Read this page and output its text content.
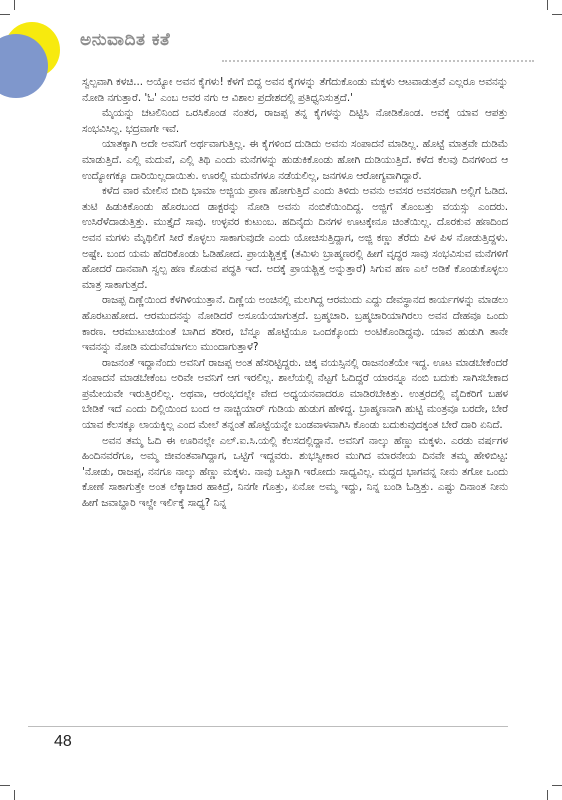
ಅನುವಾದಿತ ಕತೆ

ಸ್ವಲ್ಪವಾಗಿ ಕಳಚಿ... ಅಯ್ಯೋ ಅವನ ಕೈಗಳು! ಕೆಳಗೆ ಬಿದ್ದ ಅವನ ಕೈಗಳನ್ನು ತೆಗೆದುಕೊಂಡು ಮಕ್ಕಳು ಆಟವಾಡುತ್ತವೆ ಎಲ್ಲರೂ ಅವನನ್ನು ನೋಡಿ ನಗುತ್ತಾರೆ. 'ಓ' ಎಂಬ ಅವರ ನಗು ಆ ವಿಶಾಲ ಪ್ರದೇಶದಲ್ಲಿ ಪ್ರತಿಧ್ವನಿಸುತ್ತದೆ.'

ಮೈಯನ್ನು ಚಟಲಿನಿಂದ ಒರಸಿಕೊಂಡ ನಂತರ, ರಾಜಪ್ಪ ತನ್ನ ಕೈಗಳನ್ನು ದಿಟ್ಟಿಸಿ ನೋಡಿಕೊಂಡ. ಅವಕ್ಕೆ ಯಾವ ಆಪತ್ತು ಸಂಭವಿಸಿಲ್ಲ. ಭದ್ರವಾಗೇ ಇವೆ.

ಯಾತಕ್ಕಾಗಿ ಅದೇ ಅವನಿಗೆ ಅರ್ಥವಾಗುತ್ತಿಲ್ಲ. ಈ ಕೈಗಳಿಂದ ದುಡಿದು ಅವನು ಸಂಪಾದನೆ ಮಾಡಿಲ್ಲ. ಹೊಟ್ಟೆ ಮಾತ್ರವೇ ದುಡಿಮೆ ಮಾಡುತ್ತಿದೆ. ಎಲ್ಲಿ ಮದುವೆ, ಎಲ್ಲಿ ತಿಥಿ ಎಂದು ಮನೆಗಳನ್ನು ಹುಡುಕಿಕೊಂಡು ಹೋಗಿ ದುಡಿಯುತ್ತಿದೆ. ಕಳೆದ ಕೆಲವು ದಿನಗಳಿಂದ ಆ ಉದ್ಯೋಗಕ್ಕೂ ದಾರಿಯಿಲ್ಲದಾಯಿತು. ಊರಲ್ಲಿ ಮದುವೆಗಳೂ ನಡೆಯಲಿಲ್ಲ, ಜನಗಳೂ ಆರೋಗ್ಯವಾಗಿದ್ದಾರೆ.

ಕಳೆದ ವಾರ ಮೇಲಿನ ಬೀದಿ ಭಾಮಾ ಅಜ್ಜಿಯ ಪ್ರಾಣ ಹೋಗುತ್ತಿದೆ ಎಂದು ತಿಳಿದು ಅವನು ಅವಸರ ಅವಸರವಾಗಿ ಅಲ್ಲಿಗೆ ಓಡಿದ. ತುಟಿ ಹಿಡುಕಿಕೊಂಡು ಹೊರಬಂದ ಡಾಕ್ಟರನ್ನು ನೋಡಿ ಅವನು ನಂಬಿಕೆಯಿಂದಿದ್ದ. ಅಜ್ಜಿಗೆ ತೊಂಬತ್ತು ವಯಸ್ಸು ಎಂದರು. ಉಸಿರೆಳೆದಾಡುತ್ತಿತ್ತು. ಮುತ್ತೈದೆ ಸಾವು. ಉಳ್ಳವರ ಕುಟುಂಬ. ಹದಿನೈದು ದಿನಗಳ ಊಟಕ್ಕೇನೂ ಚಿಂತೆಯಿಲ್ಲ. ದೊರಕುವ ಹಣದಿಂದ ಅವನ ಮಗಳು ಮೈಥಿಲಿಗೆ ಸೀರೆ ಕೊಳ್ಳಲು ಸಾಕಾಗುವುದೇ ಎಂದು ಯೋಚಿಸುತ್ತಿದ್ದಾಗ, ಅಜ್ಜಿ ಕಣ್ಣು ತೆರೆದು ಪಿಳ ಪಿಳ ನೋಡುತ್ತಿದ್ದಳು. ಅಷ್ಟೇ. ಬಂದ ಯಮ ಹೆದರಿಕೊಂಡು ಓಡಿಹೋದ. ಪ್ರಾಯಶ್ಚಿತ್ತಕ್ಕೆ (ತಮಿಳು ಬ್ರಾಹ್ಮಣರಲ್ಲಿ ಹೀಗೆ ವೃದ್ಧರ ಸಾವು ಸಂಭವಿಸುವ ಮನೆಗಳಿಗೆ ಹೋದರೆ ದಾನವಾಗಿ ಸ್ವಲ್ಪ ಹಣ ಕೊಡುವ ಪದ್ಧತಿ ಇದೆ. ಅದಕ್ಕೆ ಪ್ರಾಯಶ್ಚಿತ್ತ ಅನ್ನುತ್ತಾರೆ) ಸಿಗುವ ಹಣ ಎಲೆ ಅಡಿಕೆ ಕೊಂಡುಕೊಳ್ಳಲು ಮಾತ್ರ ಸಾಕಾಗುತ್ತದೆ.

ರಾಜಪ್ಪ ದಿಣ್ಣೆಯಿಂದ ಕೆಳಗಿಳಿಯುತ್ತಾನೆ. ದಿಣ್ಣೆಯ ಅಂಚಿನಲ್ಲಿ ಮಲಗಿದ್ದ ಆರಮುದು ಎದ್ದು ದೇವಸ್ಥಾನದ ಕಾರ್ಯಗಳನ್ನು ಮಾಡಲು ಹೊರಟುಹೋದ. ಆರಮುದನನ್ನು ನೋಡಿದರೆ ಅಸೂಯೆಯಾಗುತ್ತದೆ. ಬ್ರಹ್ಮಚಾರಿ. ಬ್ರಹ್ಮಚಾರಿಯಾಗಿರಲು ಅವನ ದೇಹವೂ ಒಂದು ಕಾರಣ. ಆರಮುಟುಚಿಯಂತೆ ಬಾಗಿದ ಶರೀರ, ಬೆನ್ನೂ ಹೊಟ್ಟೆಯೂ ಒಂದಕ್ಕೊಂದು ಅಂಟಿಕೊಂಡಿದ್ದವು. ಯಾವ ಹುಡುಗಿ ತಾನೇ ಇವನನ್ನು ನೋಡಿ ಮದುವೆಯಾಗಲು ಮುಂದಾಗುತ್ತಾಳೆ?

ರಾಜನಂತೆ ಇದ್ದಾನೆಂದು ಅವನಿಗೆ ರಾಜಪ್ಪ ಅಂತ ಹೆಸರಿಟ್ಟಿದ್ದರು. ಚಿಕ್ಕ ವಯಸ್ಸಿನಲ್ಲಿ ರಾಜನಂತೆಯೇ ಇದ್ದ. ಊಟ ಮಾಡಬೇಕೆಂದರೆ ಸಂಪಾದನೆ ಮಾಡಬೇಕೆಂಬ ಅರಿವೇ ಅವನಿಗೆ ಆಗ ಇರಲಿಲ್ಲ. ಶಾಲೆಯಲ್ಲಿ ನೆಟ್ಟಗೆ ಓದಿದ್ದರೆ ಯಾರನ್ನೂ ನಂಬಿ ಬದುಕು ಸಾಗಿಸಬೇಕಾದ ಪ್ರಮೇಯವೇ ಇರುತ್ತಿರಲಿಲ್ಲ. ಅಥವಾ, ಆರಂಭದಲ್ಲೇ ವೇದ ಅಧ್ಯಯನವಾದರೂ ಮಾಡಿರಬೇಕಿತ್ತು. ಉತ್ತರದಲ್ಲಿ ವೈದಿಕರಿಗೆ ಬಹಳ ಬೇಡಿಕೆ ಇದೆ ಎಂದು ದಿಲ್ಲಿಯಿಂದ ಬಂದ ಆ ನಾಚ್ಚಿಯಾರ್ ಗುಡಿಯ ಹುಡುಗ ಹೇಳಿದ್ದ. ಬ್ರಾಹ್ಮಣನಾಗಿ ಹುಟ್ಟಿ ಮಂತ್ರವೂ ಬರದೇ, ಬೇರೆ ಯಾವ ಕೆಲಸಕ್ಕೂ ಲಾಯಕ್ಕಿಲ್ಲ ಎಂದ ಮೇಲೆ ತನ್ನಂತೆ ಹೊಟ್ಟೆಯನ್ನೇ ಬಂಡವಾಳವಾಗಿಸಿ ಕೊಂಡು ಬದುಕುವುದಕ್ಕಂತ ಬೇರೆ ದಾರಿ ಏನಿದೆ.

ಅವನ ತಮ್ಮ ಓದಿ ಈ ಊರಿನಲ್ಲೇ ಎಲ್.ಐ.ಸಿ.ಯಲ್ಲಿ ಕೆಲಸದಲ್ಲಿದ್ದಾನೆ. ಅವನಿಗೆ ನಾಲ್ಕು ಹೆಣ್ಣು ಮಕ್ಕಳು. ಎರಡು ವರ್ಷಗಳ ಹಿಂದಿನವರೆಗೂ, ಅಮ್ಮ ಜೀವಂತವಾಗಿದ್ದಾಗ, ಒಟ್ಟಿಗೆ ಇದ್ದವರು. ಶುಭಸ್ವೀಕಾರ ಮುಗಿದ ಮಾರನೇಯ ದಿನವೇ ತಮ್ಮ ಹೇಳಿಬಿಟ್ಟ: 'ನೋಡು, ರಾಜಪ್ಪ, ನನಗೂ ನಾಲ್ಕು ಹೆಣ್ಣು ಮಕ್ಕಳು. ನಾವು ಒಟ್ಟಾಗಿ ಇರೋದು ಸಾಧ್ಯವಿಲ್ಲ. ಮದ್ದದ ಭಾಗವನ್ನ ನೀನು ತಗೋ ಒಂದು ಕೋಣೆ ಸಾಕಾಗುತ್ತೇ ಅಂತ ಲೆಕ್ಕಾಚಾರ ಹಾಕಿದ್ರೆ, ನಿನಗೇ ಗೊತ್ತು, ಏನೋ ಅಮ್ಮ ಇದ್ದು, ನಿನ್ನ ಬಂಡಿ ಓಡ್ತಿತ್ತು. ಎಷ್ಟು ದಿನಾಂತ ನೀನು ಹೀಗೆ ಜವಾಬ್ದಾರಿ ಇಲ್ದೇ ಇರ್ಲಿಕ್ಕೆ ಸಾಧ್ಯ? ನಿನ್ನ

48
